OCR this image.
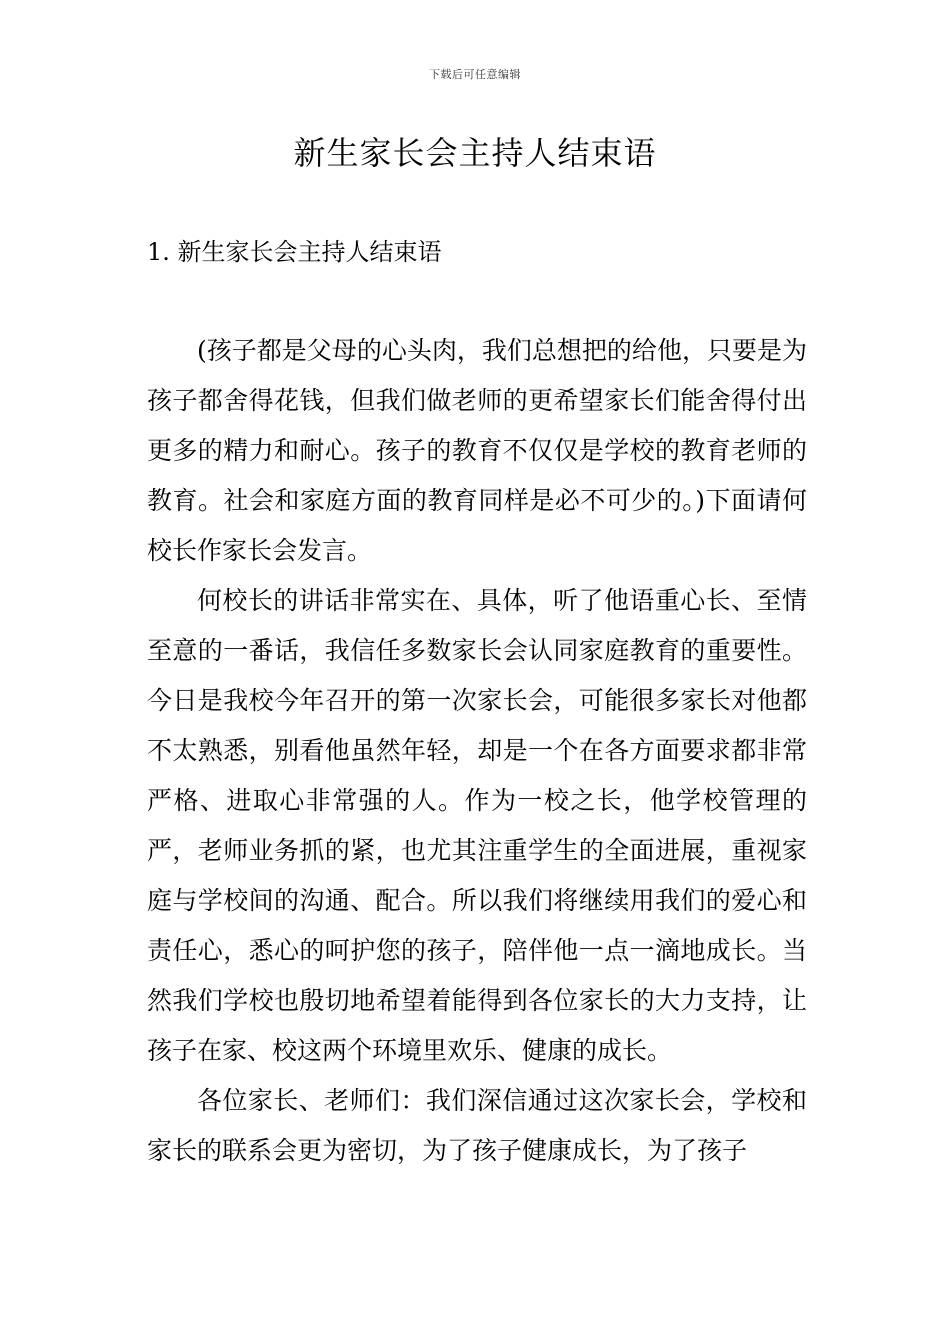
下载后可任意编辑
新生家长会主持人结束语
1. 新生家长会主持人结束语

(孩子都是父母的心头肉，我们总想把的给他，只要是为孩子都舍得花钱，但我们做老师的更希望家长们能舍得付出更多的精力和耐心。孩子的教育不仅仅是学校的教育老师的教育。社会和家庭方面的教育同样是必不可少的。)下面请何校长作家长会发言。

何校长的讲话非常实在、具体，听了他语重心长、至情至意的一番话，我信任多数家长会认同家庭教育的重要性。今日是我校今年召开的第一次家长会，可能很多家长对他都不太熟悉，别看他虽然年轻，却是一个在各方面要求都非常严格、进取心非常强的人。作为一校之长，他学校管理的严，老师业务抓的紧，也尤其注重学生的全面进展，重视家庭与学校间的沟通、配合。所以我们将继续用我们的爱心和责任心，悉心的呵护您的孩子，陪伴他一点一滴地成长。当然我们学校也殷切地希望着能得到各位家长的大力支持，让孩子在家、校这两个环境里欢乐、健康的成长。

各位家长、老师们：我们深信通过这次家长会，学校和家长的联系会更为密切，为了孩子健康成长，为了孩子
